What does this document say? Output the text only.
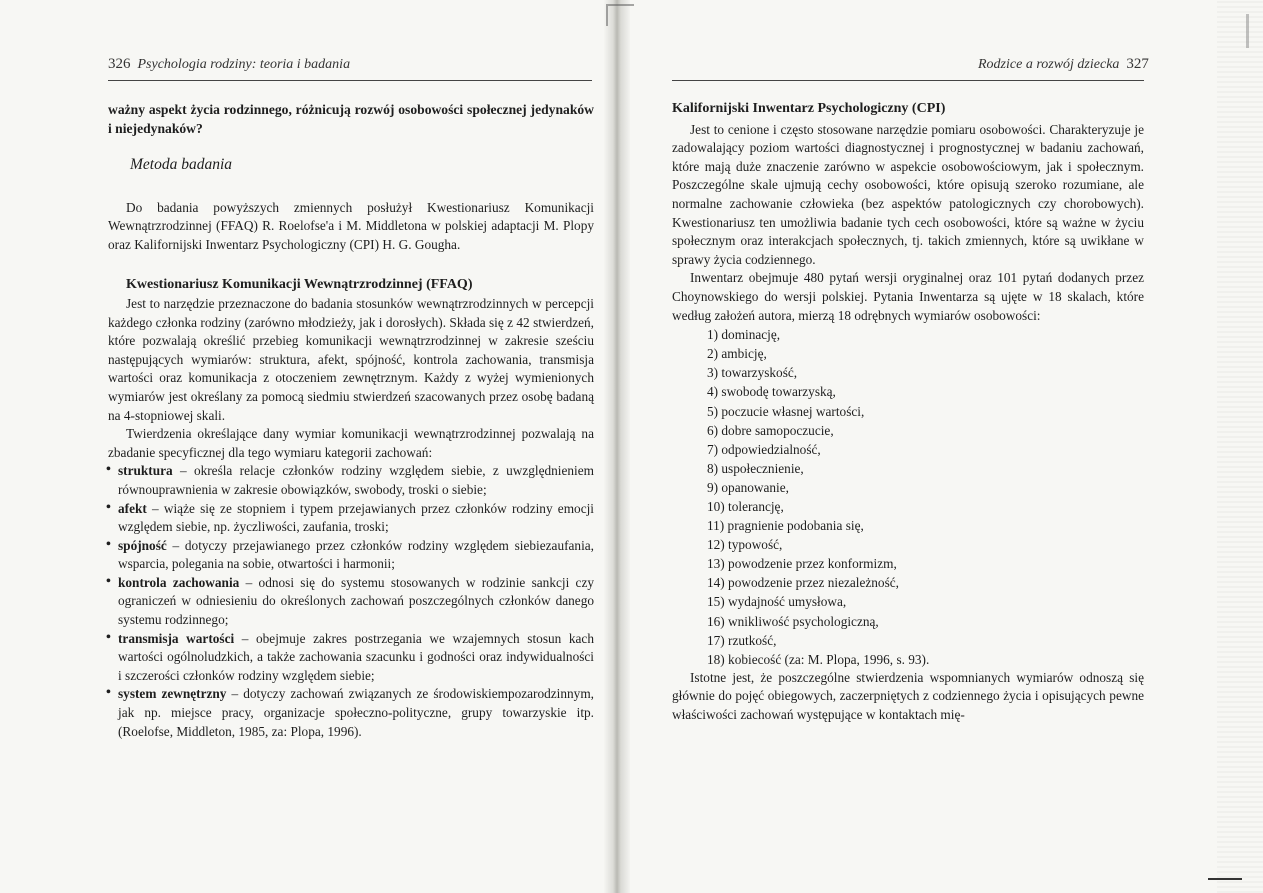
326 Psychologia rodziny: teoria i badania	Rodzice a rozwój dziecka 327

ważny aspekt życia rodzinnego, różnicują rozwój osobowości społecznej jedynaków i niejedynaków?

Metoda badania

Do badania powyższych zmiennych posłużył Kwestionariusz Komunikacji Wewnątrzrodzinnej (FFAQ) R. Roelofse'a i M. Middletona w polskiej adaptacji M. Plopy oraz Kalifornijski Inwentarz Psychologiczny (CPI) H. G. Gougha.

Kwestionariusz Komunikacji Wewnątrzrodzinnej (FFAQ)

Jest to narzędzie przeznaczone do badania stosunków wewnątrzrodzinnych w percepcji każdego członka rodziny (zarówno młodzieży, jak i dorosłych). Składa się z 42 stwierdzeń, które pozwalają określić przebieg komunikacji wewnątrzrodzinnej w zakresie sześciu następujących wymiarów: struktura, afekt, spójność, kontrola zachowania, transmisja wartości oraz komunikacja z otoczeniem zewnętrznym. Każdy z wyżej wymienionych wymiarów jest określany za pomocą siedmiu stwierdzeń szacowanych przez osobę badaną na 4-stopniowej skali.

Twierdzenia określające dany wymiar komunikacji wewnątrzrodzinnej pozwalają na zbadanie specyficznej dla tego wymiaru kategorii zachowań:

• struktura – określa relacje członków rodziny względem siebie, z uwzględnieniem równouprawnienia w zakresie obowiązków, swobody, troski o siebie;
• afekt – wiąże się ze stopniem i typem przejawianych przez członków rodziny emocji względem siebie, np. życzliwości, zaufania, troski;
• spójność – dotyczy przejawianego przez członków rodziny względem siebiezaufania, wsparcia, polegania na sobie, otwartości i harmonii;
• kontrola zachowania – odnosi się do systemu stosowanych w rodzinie sankcji czy ograniczeń w odniesieniu do określonych zachowań poszczególnych członków danego systemu rodzinnego;
• transmisja wartości – obejmuje zakres postrzegania we wzajemnych stosun kach wartości ogólnoludzkich, a także zachowania szacunku i godności oraz indywidualności i szczerości członków rodziny względem siebie;
• system zewnętrzny – dotyczy zachowań związanych ze środowiskiempozarodzinnym, jak np. miejsce pracy, organizacje społeczno-polityczne, grupy towarzyskie itp. (Roelofse, Middleton, 1985, za: Plopa, 1996).
Kalifornijski Inwentarz Psychologiczny (CPI)

Jest to cenione i często stosowane narzędzie pomiaru osobowości. Charakteryzuje je zadowalający poziom wartości diagnostycznej i prognostycznej w badaniu zachowań, które mają duże znaczenie zarówno w aspekcie osobowościowym, jak i społecznym. Poszczególne skale ujmują cechy osobowości, które opisują szeroko rozumiane, ale normalne zachowanie człowieka (bez aspektów patologicznych czy chorobowych). Kwestionariusz ten umożliwia badanie tych cech osobowości, które są ważne w życiu społecznym oraz interakcjach społecznych, tj. takich zmiennych, które są uwikłane w sprawy życia codziennego.

Inwentarz obejmuje 480 pytań wersji oryginalnej oraz 101 pytań dodanych przez Choynowskiego do wersji polskiej. Pytania Inwentarza są ujęte w 18 skalach, które według założeń autora, mierzą 18 odrębnych wymiarów osobowości:

1) dominację,
2) ambicję,
3) towarzyskość,
4) swobodę towarzyską,
5) poczucie własnej wartości,
6) dobre samopoczucie,
7) odpowiedzialność,
8) uspołecznienie,
9) opanowanie,
10) tolerancję,
11) pragnienie podobania się,
12) typowość,
13) powodzenie przez konformizm,
14) powodzenie przez niezależność,
15) wydajność umysłowa,
16) wnikliwość psychologiczną,
17) rzutkość,
18) kobiecość (za: M. Plopa, 1996, s. 93).

Istotne jest, że poszczególne stwierdzenia wspomnianych wymiarów odnoszą się głównie do pojęć obiegowych, zaczerpniętych z codziennego życia i opisujących pewne właściwości zachowań występujące w kontaktach mię-
